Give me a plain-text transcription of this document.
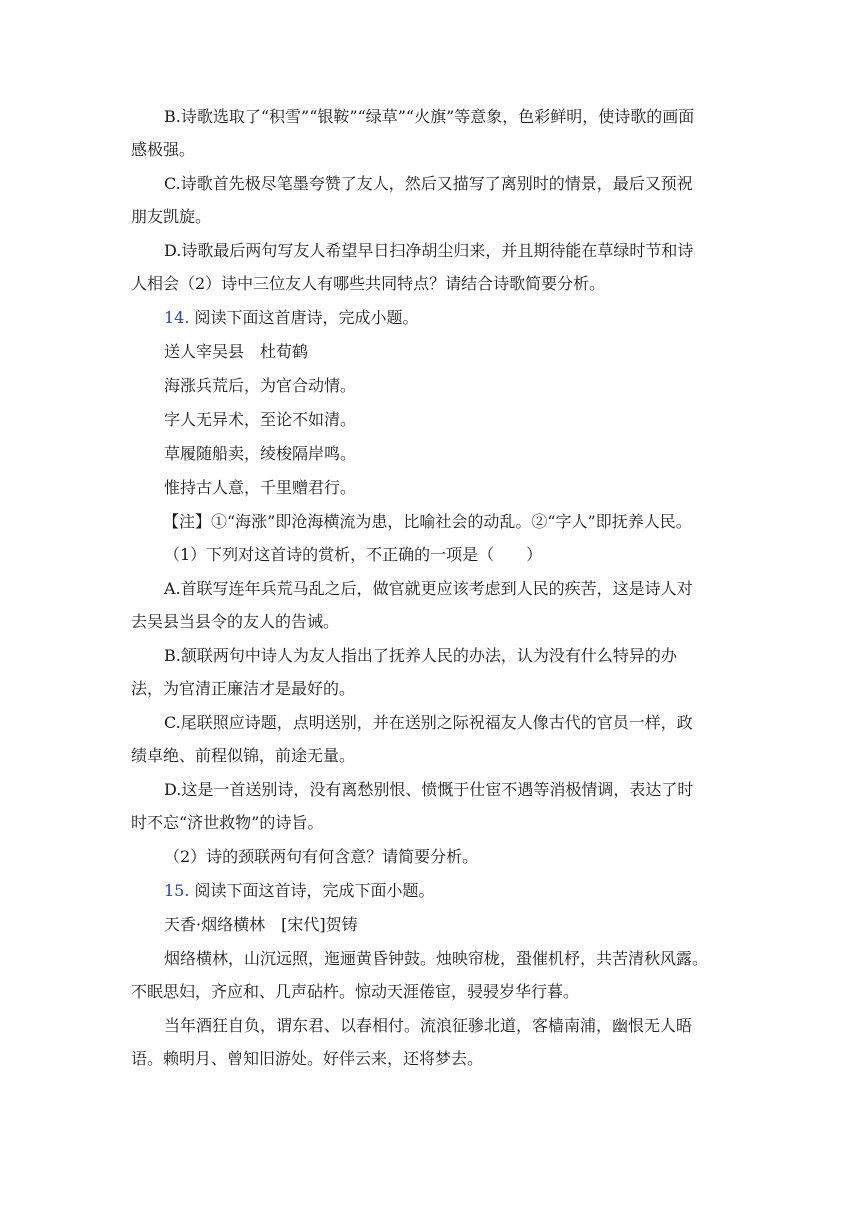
B.诗歌选取了“积雪”“银鞍”“绿草”“火旗”等意象，色彩鲜明，使诗歌的画面

感极强。

C.诗歌首先极尽笔墨夸赞了友人，然后又描写了离别时的情景，最后又预祝

朋友凯旋。

D.诗歌最后两句写友人希望早日扫净胡尘归来，并且期待能在草绿时节和诗

人相会（2）诗中三位友人有哪些共同特点？请结合诗歌简要分析。

14. 阅读下面这首唐诗，完成小题。

送人宰吴县　杜荀鹤

海涨兵荒后，为官合动情。

字人无异术，至论不如清。

草履随船卖，绫梭隔岸鸣。

惟持古人意，千里赠君行。

【注】①“海涨”即沧海横流为患，比喻社会的动乱。②“字人”即抚养人民。

（1）下列对这首诗的赏析，不正确的一项是（　　）

A.首联写连年兵荒马乱之后，做官就更应该考虑到人民的疾苦，这是诗人对

去吴县当县令的友人的告诫。

B.颔联两句中诗人为友人指出了抚养人民的办法，认为没有什么特异的办

法，为官清正廉洁才是最好的。

C.尾联照应诗题，点明送别，并在送别之际祝福友人像古代的官员一样，政

绩卓绝、前程似锦，前途无量。

D.这是一首送别诗，没有离愁别恨、愤慨于仕宦不遇等消极情调，表达了时

时不忘“济世救物”的诗旨。

（2）诗的颈联两句有何含意？请简要分析。

15. 阅读下面这首诗，完成下面小题。

天香·烟络横林　[宋代]贺铸

烟络横林，山沉远照，迤逦黄昏钟鼓。烛映帘栊，蛩催机杼，共苦清秋风露。

不眠思妇，齐应和、几声砧杵。惊动天涯倦宦，骎骎岁华行暮。

当年酒狂自负，谓东君、以春相付。流浪征骖北道，客樯南浦，幽恨无人晤

语。赖明月、曾知旧游处。好伴云来，还将梦去。
